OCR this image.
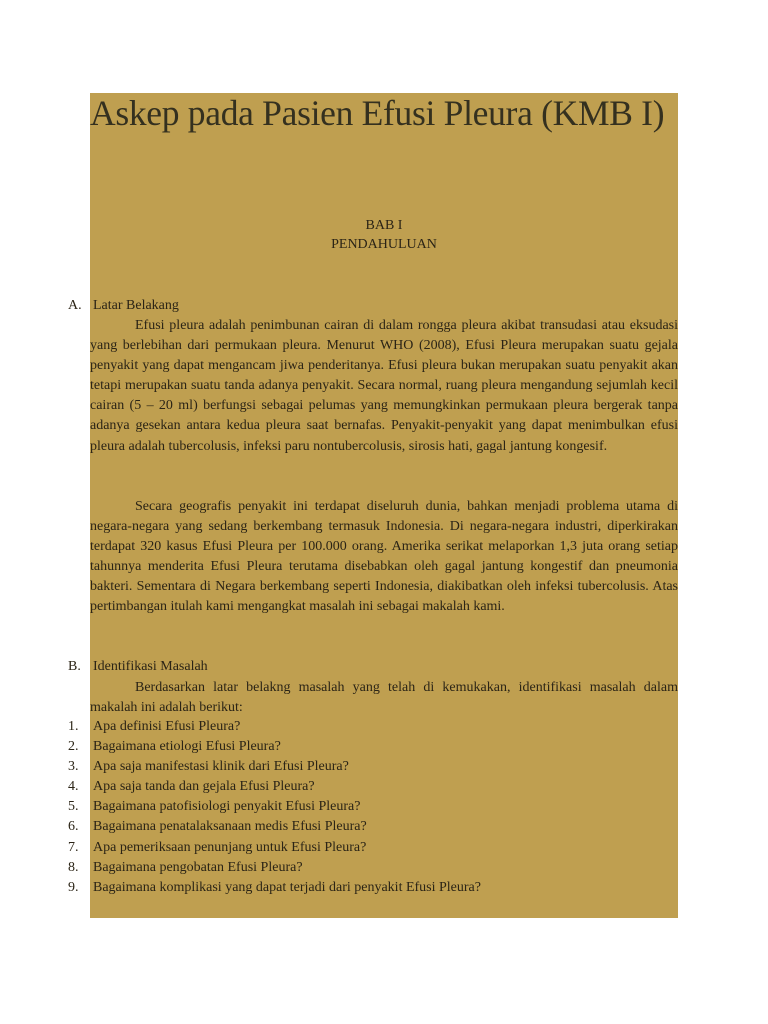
Askep pada Pasien Efusi Pleura (KMB I)
BAB I
PENDAHULUAN
A. Latar Belakang
Efusi pleura adalah penimbunan cairan di dalam rongga pleura akibat transudasi atau eksudasi yang berlebihan dari permukaan pleura. Menurut WHO (2008), Efusi Pleura merupakan suatu gejala penyakit yang dapat mengancam jiwa penderitanya. Efusi pleura bukan merupakan suatu penyakit akan tetapi merupakan suatu tanda adanya penyakit. Secara normal, ruang pleura mengandung sejumlah kecil cairan (5 – 20 ml) berfungsi sebagai pelumas yang memungkinkan permukaan pleura bergerak tanpa adanya gesekan antara kedua pleura saat bernafas. Penyakit-penyakit yang dapat menimbulkan efusi pleura adalah tubercolusis, infeksi paru nontubercolusis, sirosis hati, gagal jantung kongesif.
Secara geografis penyakit ini terdapat diseluruh dunia, bahkan menjadi problema utama di negara-negara yang sedang berkembang termasuk Indonesia. Di negara-negara industri, diperkirakan terdapat 320 kasus Efusi Pleura per 100.000 orang. Amerika serikat melaporkan 1,3 juta orang setiap tahunnya menderita Efusi Pleura terutama disebabkan oleh gagal jantung kongestif dan pneumonia bakteri. Sementara di Negara berkembang seperti Indonesia, diakibatkan oleh infeksi tubercolusis. Atas pertimbangan itulah kami mengangkat masalah ini sebagai makalah kami.
B. Identifikasi Masalah
Berdasarkan latar belakng masalah yang telah di kemukakan, identifikasi masalah dalam makalah ini adalah berikut:
1. Apa definisi Efusi Pleura?
2. Bagaimana etiologi Efusi Pleura?
3. Apa saja manifestasi klinik dari Efusi Pleura?
4. Apa saja tanda dan gejala Efusi Pleura?
5. Bagaimana patofisiologi penyakit Efusi Pleura?
6. Bagaimana penatalaksanaan medis Efusi Pleura?
7. Apa pemeriksaan penunjang untuk Efusi Pleura?
8. Bagaimana pengobatan Efusi Pleura?
9. Bagaimana komplikasi yang dapat terjadi dari penyakit Efusi Pleura?
